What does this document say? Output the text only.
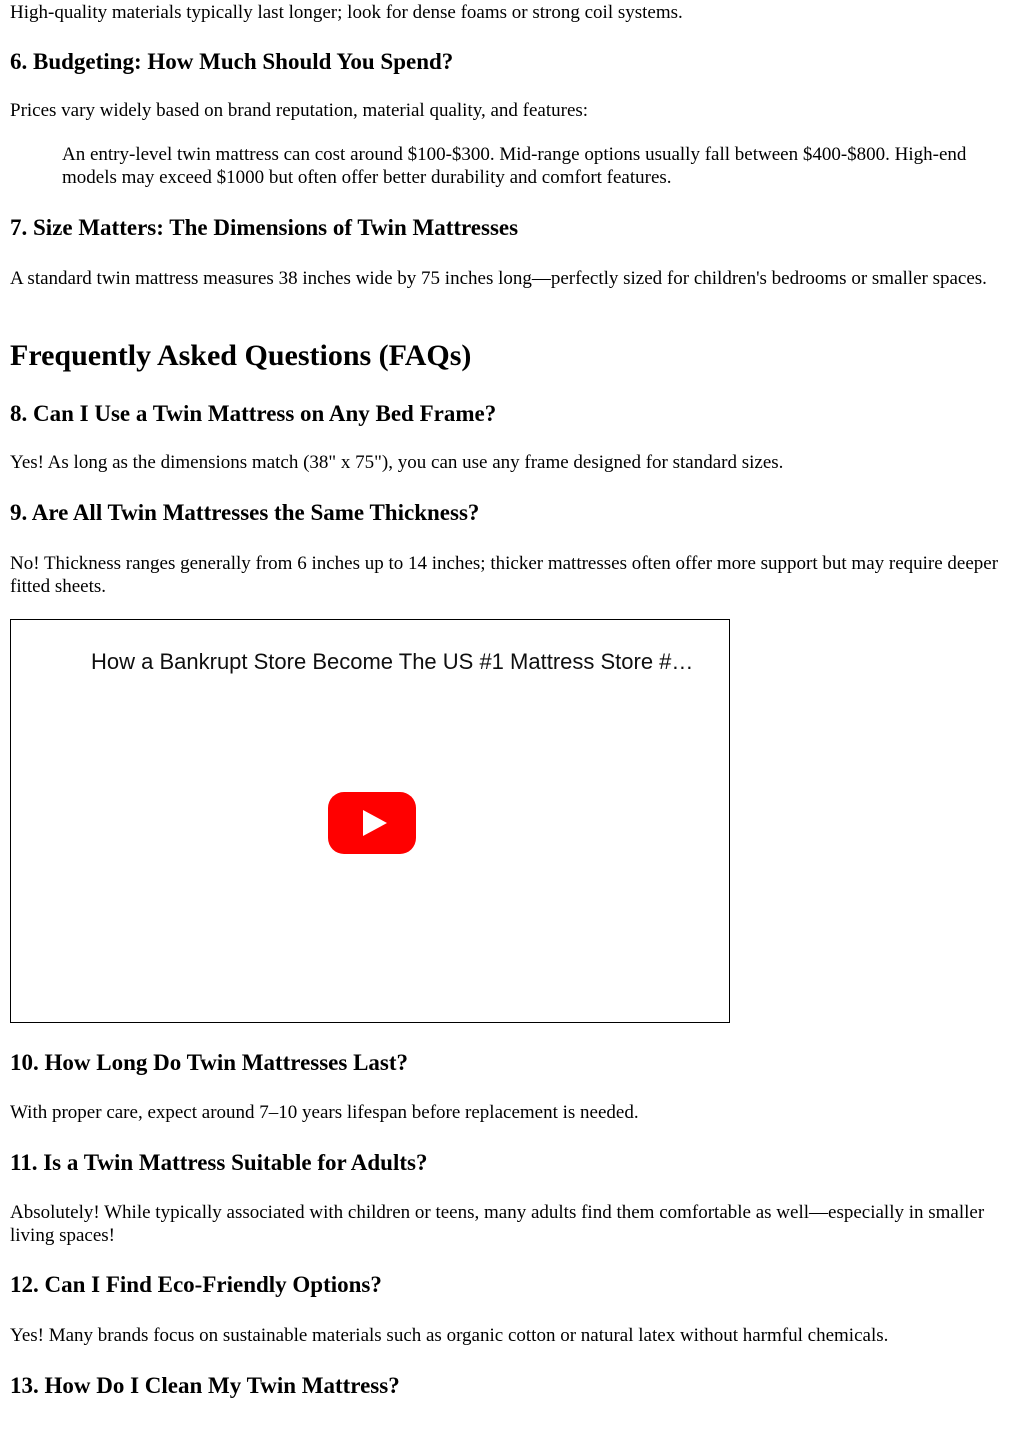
High-quality materials typically last longer; look for dense foams or strong coil systems.

6. Budgeting: How Much Should You Spend?

Prices vary widely based on brand reputation, material quality, and features:

An entry-level twin mattress can cost around $100-$300. Mid-range options usually fall between $400-$800. High-end models may exceed $1000 but often offer better durability and comfort features.
7. Size Matters: The Dimensions of Twin Mattresses

A standard twin mattress measures 38 inches wide by 75 inches long—perfectly sized for children's bedrooms or smaller spaces.

Frequently Asked Questions (FAQs)
8. Can I Use a Twin Mattress on Any Bed Frame?

Yes! As long as the dimensions match (38" x 75"), you can use any frame designed for standard sizes.

9. Are All Twin Mattresses the Same Thickness?

No! Thickness ranges generally from 6 inches up to 14 inches; thicker mattresses often offer more support but may require deeper fitted sheets.

How a Bankrupt Store Become The US #1 Mattress Store #…
10. How Long Do Twin Mattresses Last?

With proper care, expect around 7–10 years lifespan before replacement is needed.

11. Is a Twin Mattress Suitable for Adults?

Absolutely! While typically associated with children or teens, many adults find them comfortable as well—especially in smaller living spaces!

12. Can I Find Eco-Friendly Options?

Yes! Many brands focus on sustainable materials such as organic cotton or natural latex without harmful chemicals.

13. How Do I Clean My Twin Mattress?
